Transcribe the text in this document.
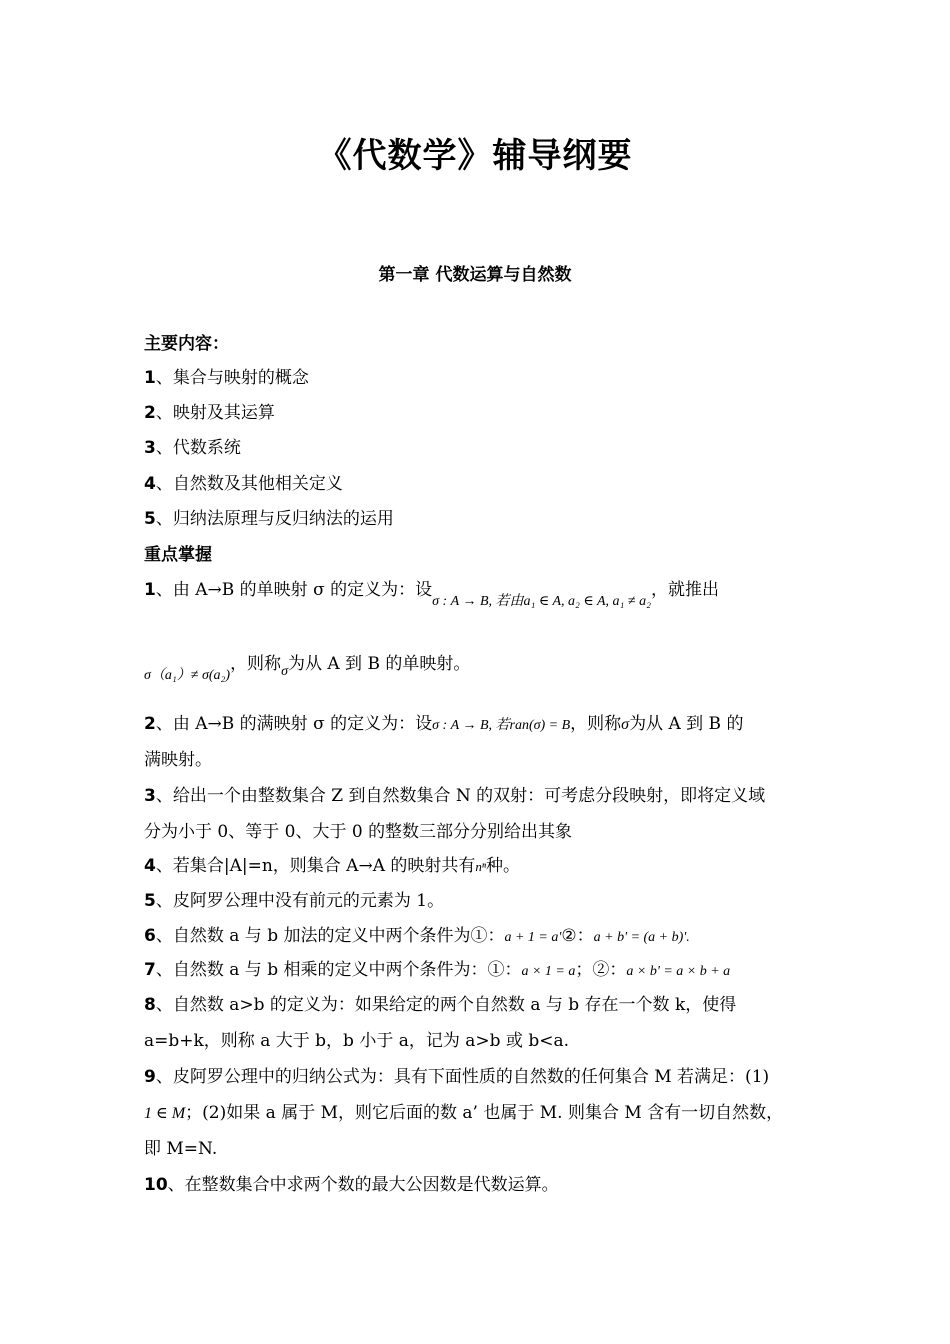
《代数学》辅导纲要
第一章 代数运算与自然数
主要内容：
1、集合与映射的概念
2、映射及其运算
3、代数系统
4、自然数及其他相关定义
5、归纳法原理与反归纳法的运用
重点掌握
1、由 A→B 的单映射 σ 的定义为：设$_{\sigma : A \to B, 若由a_1 \in A, a_2 \in A, a_1 \ne a_2}$，就推出
$_{\sigma(a_1)\ne \sigma(a_2)}$，则称$_\sigma$为从 A 到 B 的单映射。
2、由 A→B 的满映射 σ 的定义为：设σ : A → B, 若ran(σ) = B，则称σ为从 A 到 B 的
满映射。
3、给出一个由整数集合 Z 到自然数集合 N 的双射：可考虑分段映射，即将定义域
分为小于 0、等于 0、大于 0 的整数三部分分别给出其象
4、若集合|A|=n，则集合 A→A 的映射共有nⁿ种。
5、皮阿罗公理中没有前元的元素为 1。
6、自然数 a 与 b 加法的定义中两个条件为①：a + 1 = a'②：a + b' = (a + b)'.
7、自然数 a 与 b 相乘的定义中两个条件为：①：a × 1 = a；②：a × b' = a × b + a
8、自然数 a>b 的定义为：如果给定的两个自然数 a 与 b 存在一个数 k，使得
a=b+k，则称 a 大于 b，b 小于 a，记为 a>b 或 b<a.
9、皮阿罗公理中的归纳公式为：具有下面性质的自然数的任何集合 M 若满足：(1)
1 ∈ M；(2)如果 a 属于 M，则它后面的数 a’ 也属于 M. 则集合 M 含有一切自然数，
即 M=N.
10、在整数集合中求两个数的最大公因数是代数运算。
